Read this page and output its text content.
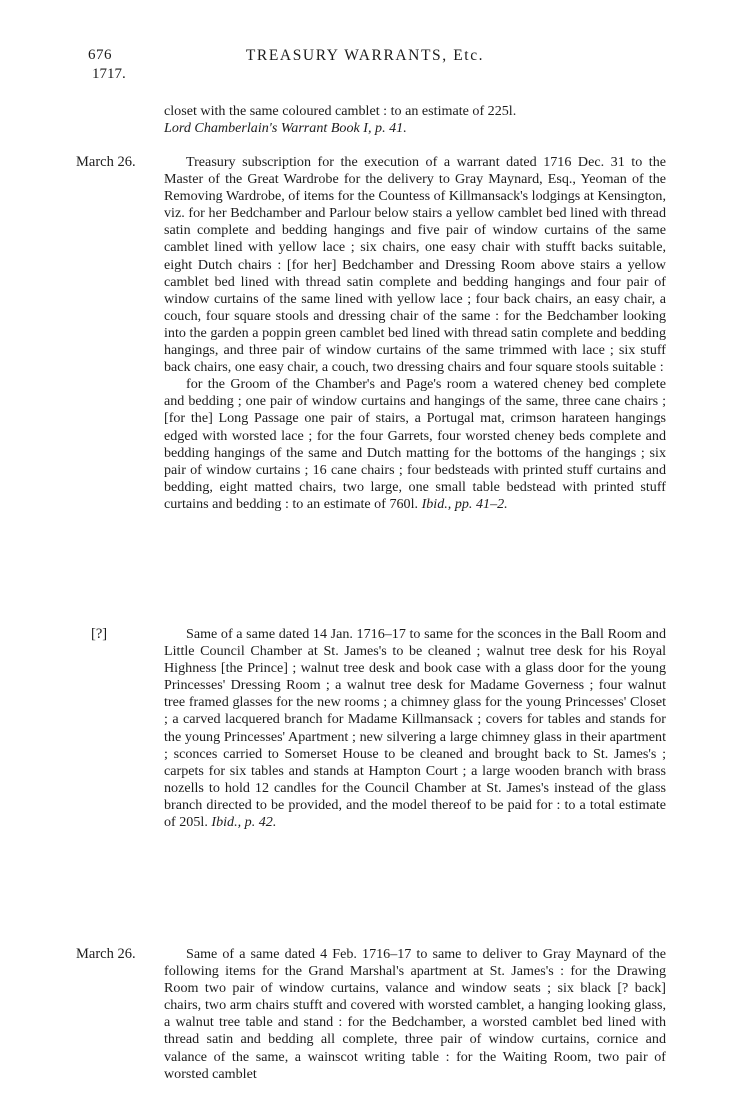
676	TREASURY WARRANTS, Etc.
1717.

closet with the same coloured camblet : to an estimate of 225l.

Lord Chamberlain's Warrant Book I, p. 41.

March 26.	Treasury subscription for the execution of a warrant dated 1716 Dec. 31 to the Master of the Great Wardrobe for the delivery to Gray Maynard, Esq., Yeoman of the Removing Wardrobe, of items for the Countess of Killmansack's lodgings at Kensington, viz. for her Bedchamber and Parlour below stairs a yellow camblet bed lined with thread satin complete and bedding hangings and five pair of window curtains of the same camblet lined with yellow lace ; six chairs, one easy chair with stufft backs suitable, eight Dutch chairs : [for her] Bedchamber and Dressing Room above stairs a yellow camblet bed lined with thread satin complete and bedding hangings and four pair of window curtains of the same lined with yellow lace ; four back chairs, an easy chair, a couch, four square stools and dressing chair of the same : for the Bedchamber looking into the garden a poppin green camblet bed lined with thread satin complete and bedding hangings, and three pair of window curtains of the same trimmed with lace ; six stuff back chairs, one easy chair, a couch, two dressing chairs and four square stools suitable :

for the Groom of the Chamber's and Page's room a watered cheney bed complete and bedding ; one pair of window curtains and hangings of the same, three cane chairs ; [for the] Long Passage one pair of stairs, a Portugal mat, crimson harateen hangings edged with worsted lace ; for the four Garrets, four worsted cheney beds complete and bedding hangings of the same and Dutch matting for the bottoms of the hangings ; six pair of window curtains ; 16 cane chairs ; four bedsteads with printed stuff curtains and bedding, eight matted chairs, two large, one small table bedstead with printed stuff curtains and bedding : to an estimate of 760l. Ibid., pp. 41–2.

[?]	Same of a same dated 14 Jan. 1716–17 to same for the sconces in the Ball Room and Little Council Chamber at St. James's to be cleaned ; walnut tree desk for his Royal Highness [the Prince] ; walnut tree desk and book case with a glass door for the young Princesses' Dressing Room ; a walnut tree desk for Madame Governess ; four walnut tree framed glasses for the new rooms ; a chimney glass for the young Princesses' Closet ; a carved lacquered branch for Madame Killmansack ; covers for tables and stands for the young Princesses' Apartment ; new silvering a large chimney glass in their apartment ; sconces carried to Somerset House to be cleaned and brought back to St. James's ; carpets for six tables and stands at Hampton Court ; a large wooden branch with brass nozells to hold 12 candles for the Council Chamber at St. James's instead of the glass branch directed to be provided, and the model thereof to be paid for : to a total estimate of 205l. Ibid., p. 42.

March 26.	Same of a same dated 4 Feb. 1716–17 to same to deliver to Gray Maynard of the following items for the Grand Marshal's apartment at St. James's : for the Drawing Room two pair of window curtains, valance and window seats ; six black [? back] chairs, two arm chairs stufft and covered with worsted camblet, a hanging looking glass, a walnut tree table and stand : for the Bedchamber, a worsted camblet bed lined with thread satin and bedding all complete, three pair of window curtains, cornice and valance of the same, a wainscot writing table : for the Waiting Room, two pair of worsted camblet
